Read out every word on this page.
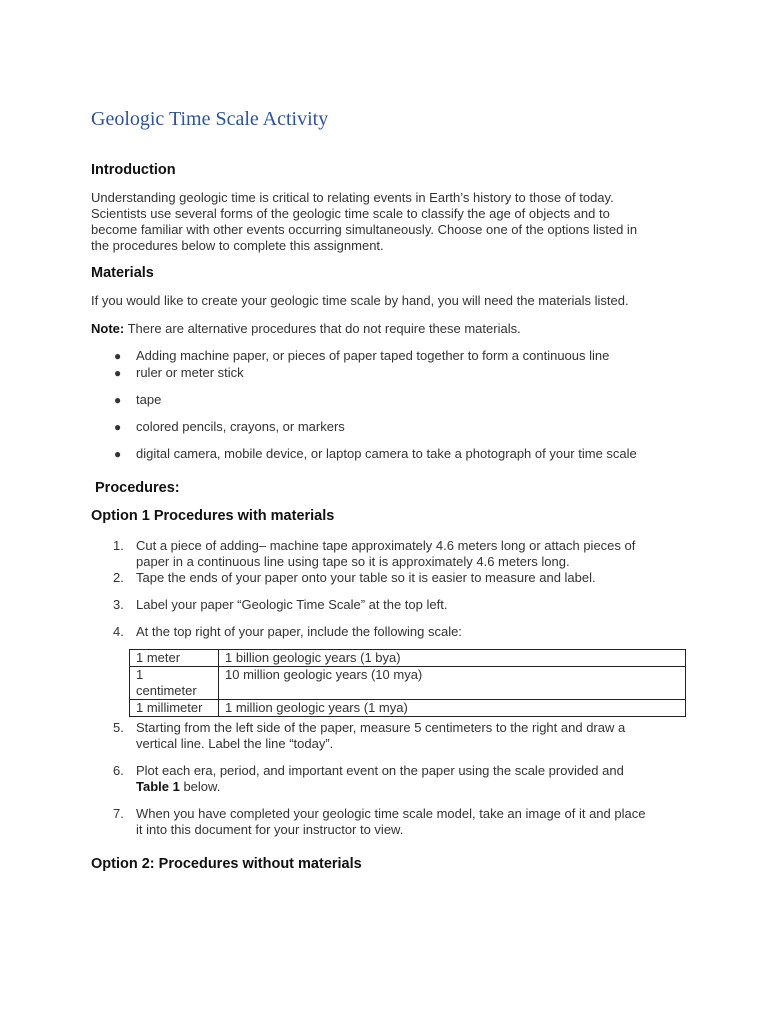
Geologic Time Scale Activity
Introduction
Understanding geologic time is critical to relating events in Earth’s history to those of today.
Scientists use several forms of the geologic time scale to classify the age of objects and to
become familiar with other events occurring simultaneously. Choose one of the options listed in
the procedures below to complete this assignment.
Materials
If you would like to create your geologic time scale by hand, you will need the materials listed.
Note: There are alternative procedures that do not require these materials.
● Adding machine paper, or pieces of paper taped together to form a continuous line
● ruler or meter stick
● tape
● colored pencils, crayons, or markers
● digital camera, mobile device, or laptop camera to take a photograph of your time scale
Procedures:
Option 1 Procedures with materials
1. Cut a piece of adding– machine tape approximately 4.6 meters long or attach pieces of
paper in a continuous line using tape so it is approximately 4.6 meters long.
2. Tape the ends of your paper onto your table so it is easier to measure and label.
3. Label your paper “Geologic Time Scale” at the top left.
4. At the top right of your paper, include the following scale:
1 meter	1 billion geologic years (1 bya)
1 centimeter	10 million geologic years (10 mya)
1 millimeter	1 million geologic years (1 mya)
5. Starting from the left side of the paper, measure 5 centimeters to the right and draw a
vertical line. Label the line “today”.
6. Plot each era, period, and important event on the paper using the scale provided and
Table 1 below.
7. When you have completed your geologic time scale model, take an image of it and place
it into this document for your instructor to view.
Option 2: Procedures without materials
